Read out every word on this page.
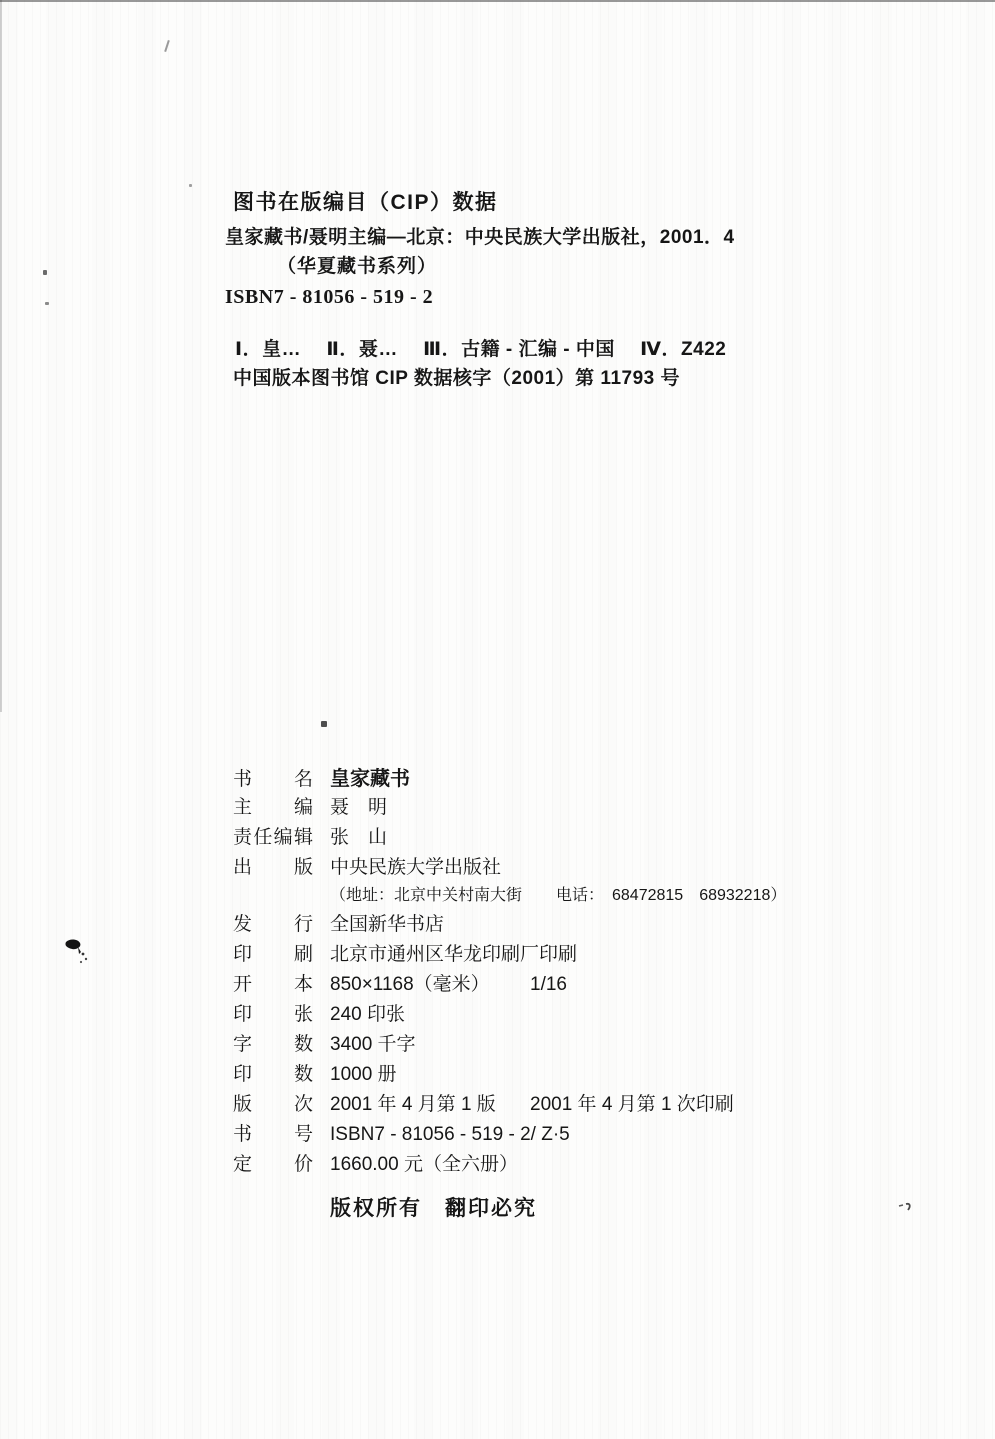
图书在版编目（CIP）数据
皇家藏书/聂明主编—北京：中央民族大学出版社，2001．4
（华夏藏书系列）
ISBN7 - 81056 - 519 - 2
Ⅰ．皇…　 Ⅱ．聂…　 Ⅲ．古籍 - 汇编 - 中国　 Ⅳ．Z422
中国版本图书馆 CIP 数据核字（2001）第 11793 号
书名 皇家藏书
主编 聂　明
责任编辑 张　山
出版 中央民族大学出版社
（地址：北京中关村南大街	电话：　68472815　68932218）
发行 全国新华书店
印刷 北京市通州区华龙印刷厂印刷
开本 850×1168（毫米）	1/16
印张 240 印张
字数 3400 千字
印数 1000 册
版次 2001 年 4 月第 1 版	2001 年 4 月第 1 次印刷
书号 ISBN7 - 81056 - 519 - 2/ Z·5
定价 1660.00 元（全六册）
版权所有　翻印必究
